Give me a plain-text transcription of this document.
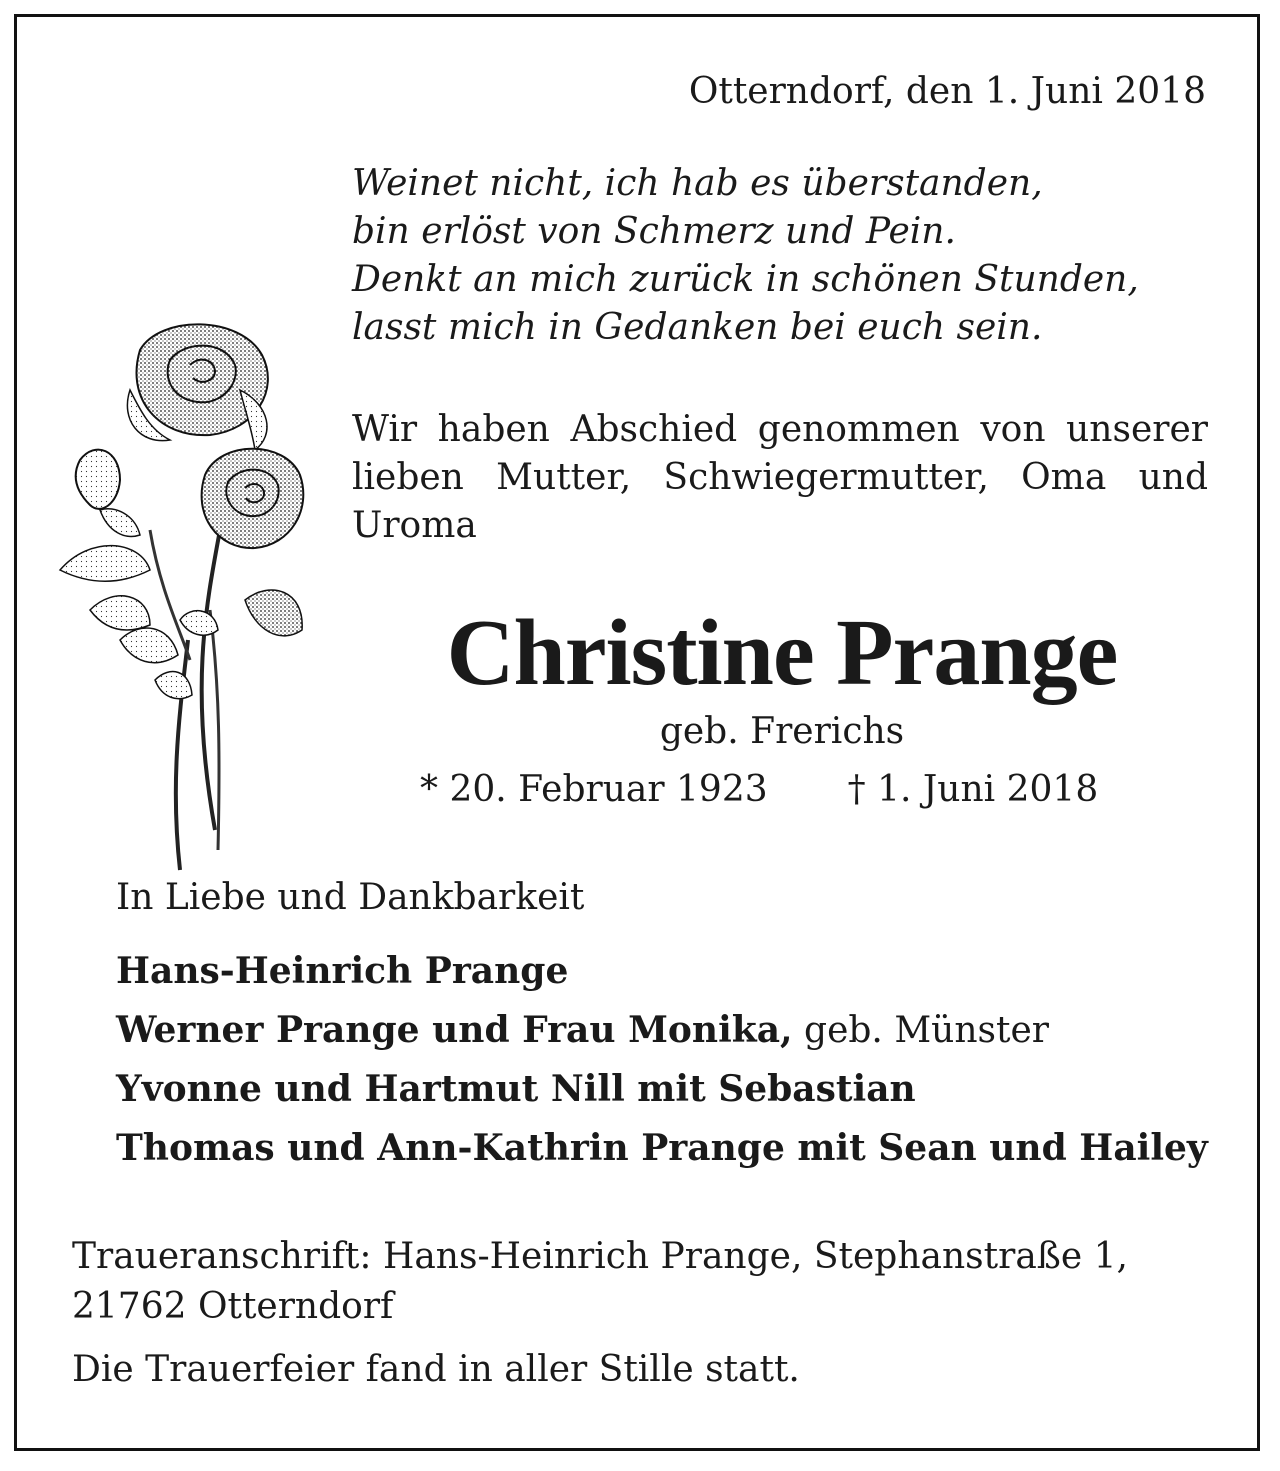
Otterndorf, den 1. Juni 2018
Weinet nicht, ich hab es überstanden,
bin erlöst von Schmerz und Pein.
Denkt an mich zurück in schönen Stunden,
lasst mich in Gedanken bei euch sein.
Wir haben Abschied genommen von unserer lieben Mutter, Schwiegermutter, Oma und Uroma
Christine Prange
geb. Frerichs
* 20. Februar 1923 † 1. Juni 2018
In Liebe und Dankbarkeit
Hans-Heinrich Prange
Werner Prange und Frau Monika, geb. Münster
Yvonne und Hartmut Nill mit Sebastian
Thomas und Ann-Kathrin Prange mit Sean und Hailey
Traueranschrift: Hans-Heinrich Prange, Stephanstraße 1,
21762 Otterndorf
Die Trauerfeier fand in aller Stille statt.
